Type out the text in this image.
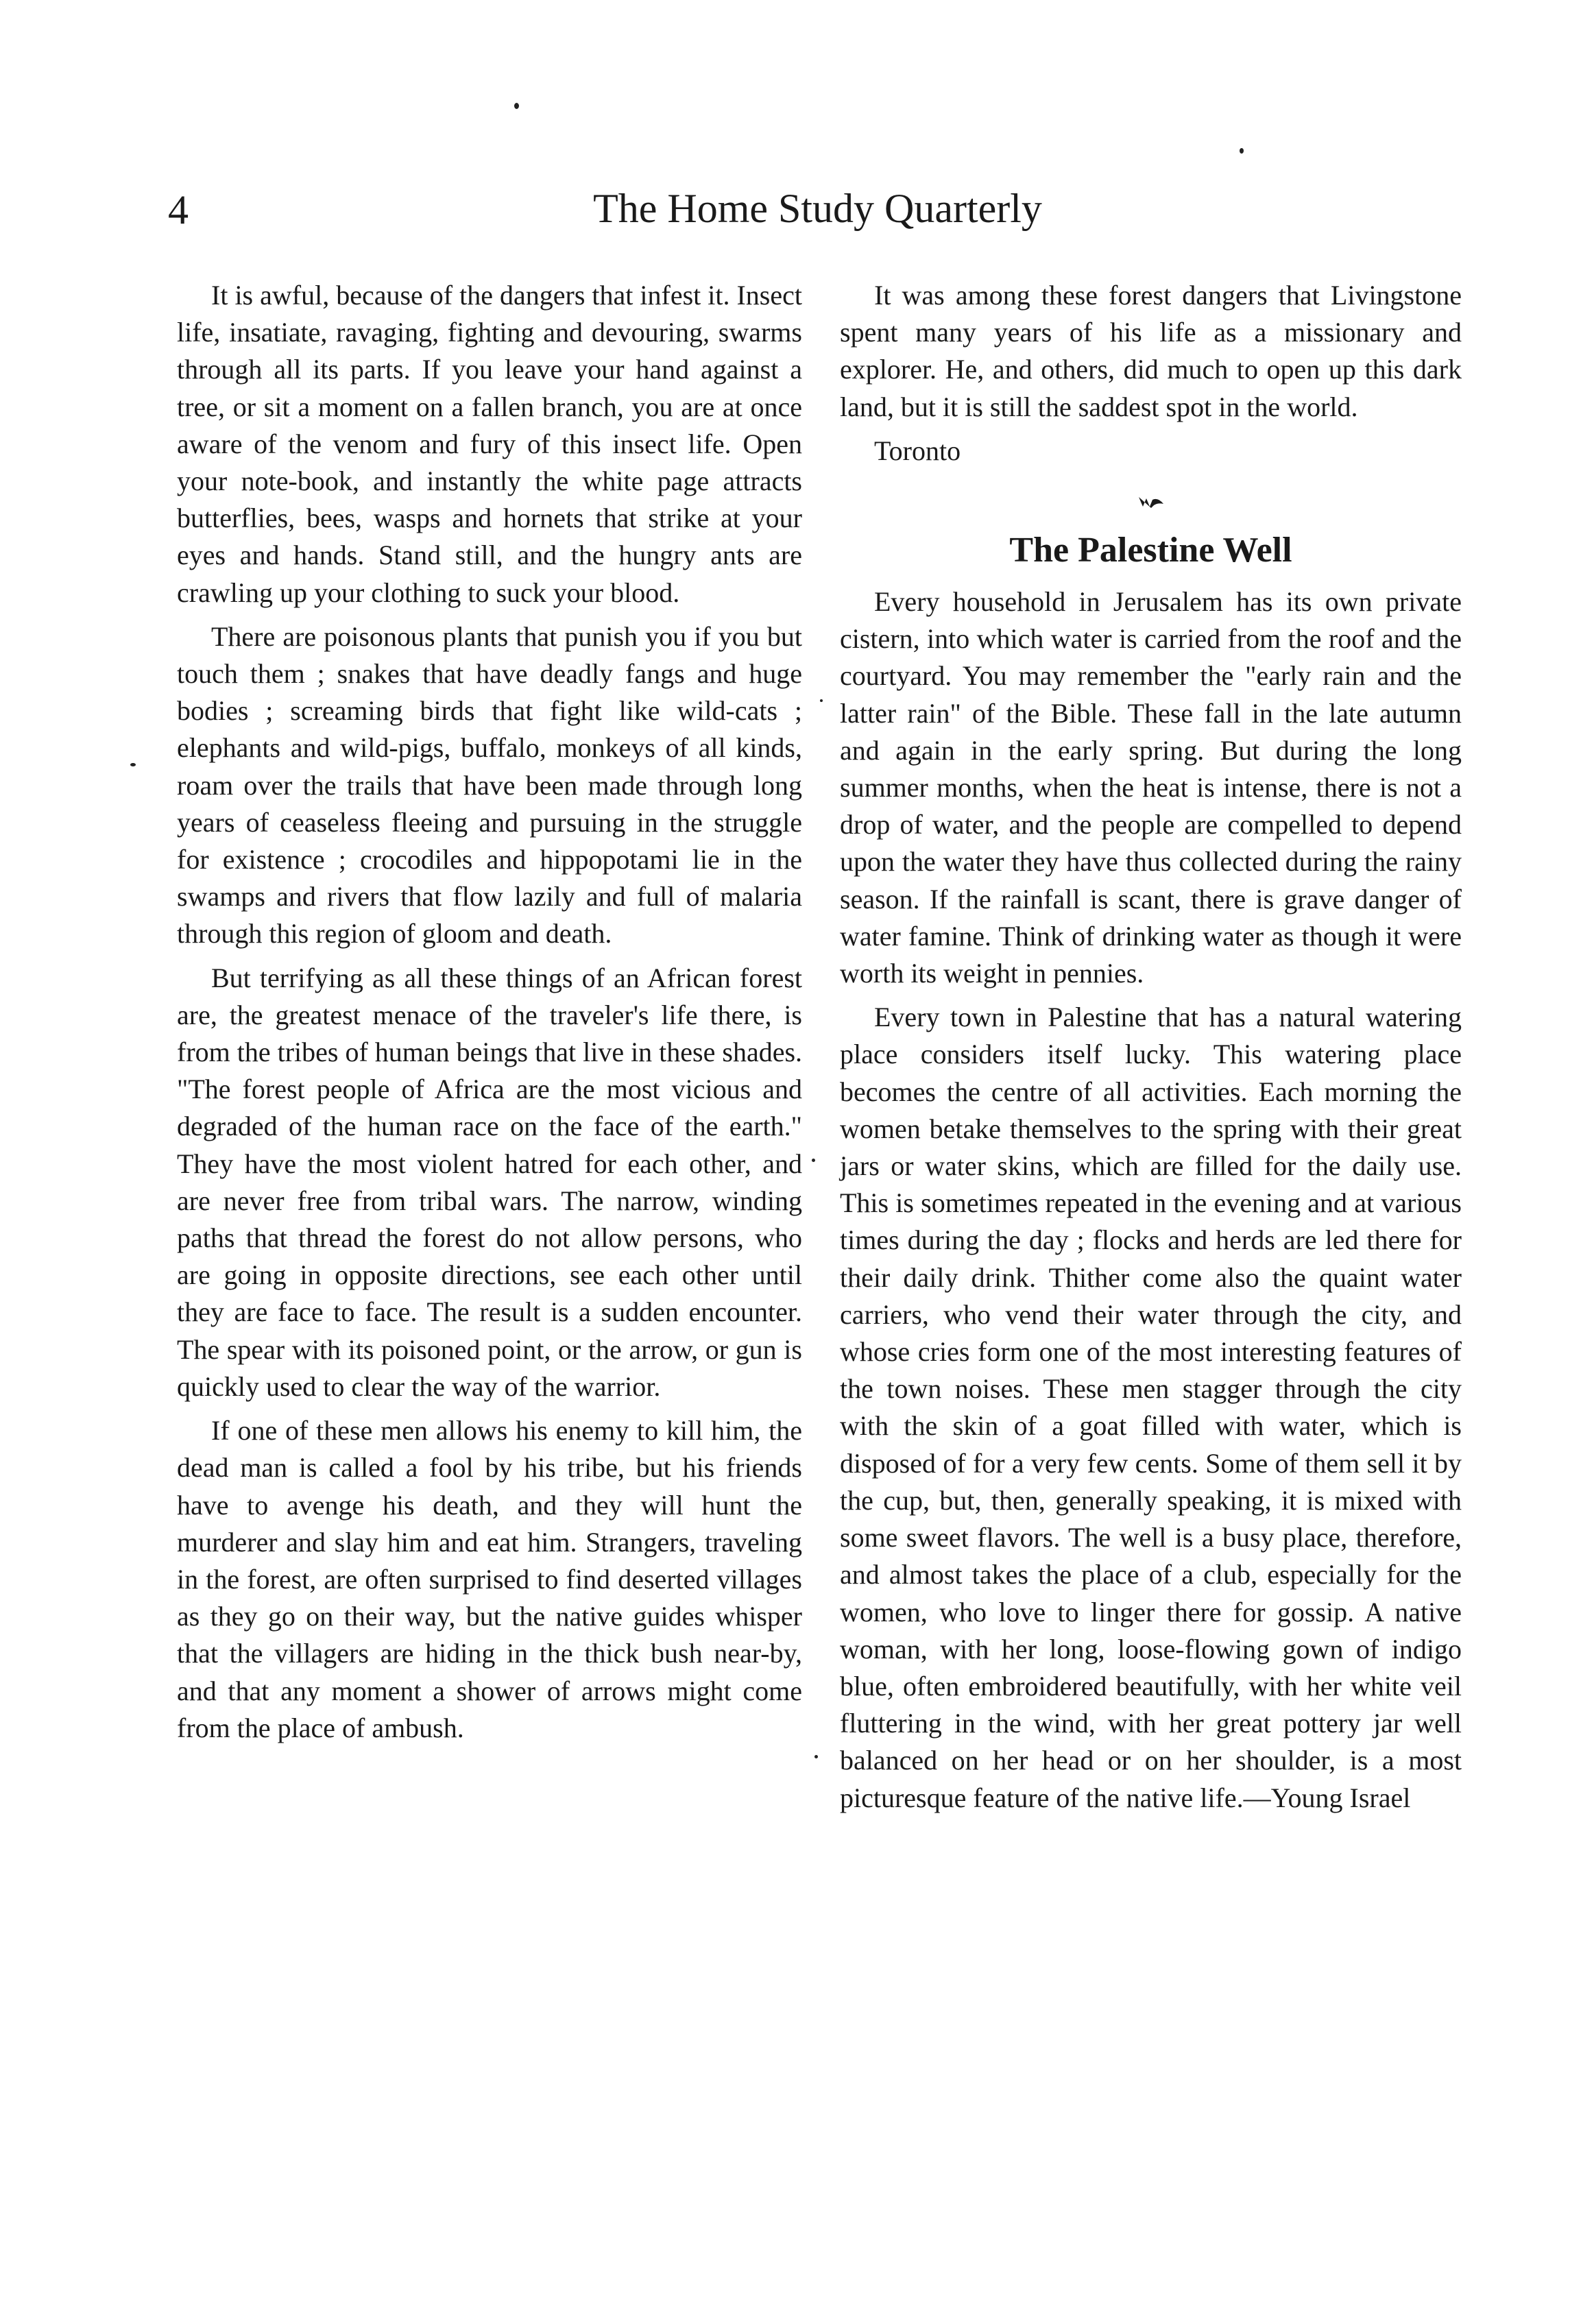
4	The Home Study Quarterly

It is awful, because of the dangers that infest it. Insect life, insatiate, ravaging, fighting and devouring, swarms through all its parts. If you leave your hand against a tree, or sit a moment on a fallen branch, you are at once aware of the venom and fury of this insect life. Open your note-book, and instantly the white page attracts butterflies, bees, wasps and hornets that strike at your eyes and hands. Stand still, and the hungry ants are crawling up your clothing to suck your blood.

There are poisonous plants that punish you if you but touch them ; snakes that have deadly fangs and huge bodies ; screaming birds that fight like wild-cats ; elephants and wild-pigs, buffalo, monkeys of all kinds, roam over the trails that have been made through long years of ceaseless fleeing and pursuing in the struggle for existence ; crocodiles and hippopotami lie in the swamps and rivers that flow lazily and full of malaria through this region of gloom and death.

But terrifying as all these things of an African forest are, the greatest menace of the traveler's life there, is from the tribes of human beings that live in these shades. "The forest people of Africa are the most vicious and degraded of the human race on the face of the earth." They have the most violent hatred for each other, and are never free from tribal wars. The narrow, winding paths that thread the forest do not allow persons, who are going in opposite directions, see each other until they are face to face. The result is a sudden encounter. The spear with its poisoned point, or the arrow, or gun is quickly used to clear the way of the warrior.

If one of these men allows his enemy to kill him, the dead man is called a fool by his tribe, but his friends have to avenge his death, and they will hunt the murderer and slay him and eat him. Strangers, traveling in the forest, are often surprised to find deserted villages as they go on their way, but the native guides whisper that the villagers are hiding in the thick bush near-by, and that any moment a shower of arrows might come from the place of ambush.

It was among these forest dangers that Livingstone spent many years of his life as a missionary and explorer. He, and others, did much to open up this dark land, but it is still the saddest spot in the world.

Toronto

The Palestine Well

Every household in Jerusalem has its own private cistern, into which water is carried from the roof and the courtyard. You may remember the "early rain and the latter rain" of the Bible. These fall in the late autumn and again in the early spring. But during the long summer months, when the heat is intense, there is not a drop of water, and the people are compelled to depend upon the water they have thus collected during the rainy season. If the rainfall is scant, there is grave danger of water famine. Think of drinking water as though it were worth its weight in pennies.

Every town in Palestine that has a natural watering place considers itself lucky. This watering place becomes the centre of all activities. Each morning the women betake themselves to the spring with their great jars or water skins, which are filled for the daily use. This is sometimes repeated in the evening and at various times during the day ; flocks and herds are led there for their daily drink. Thither come also the quaint water carriers, who vend their water through the city, and whose cries form one of the most interesting features of the town noises. These men stagger through the city with the skin of a goat filled with water, which is disposed of for a very few cents. Some of them sell it by the cup, but, then, generally speaking, it is mixed with some sweet flavors. The well is a busy place, therefore, and almost takes the place of a club, especially for the women, who love to linger there for gossip. A native woman, with her long, loose-flowing gown of indigo blue, often embroidered beautifully, with her white veil fluttering in the wind, with her great pottery jar well balanced on her head or on her shoulder, is a most picturesque feature of the native life.—Young Israel
